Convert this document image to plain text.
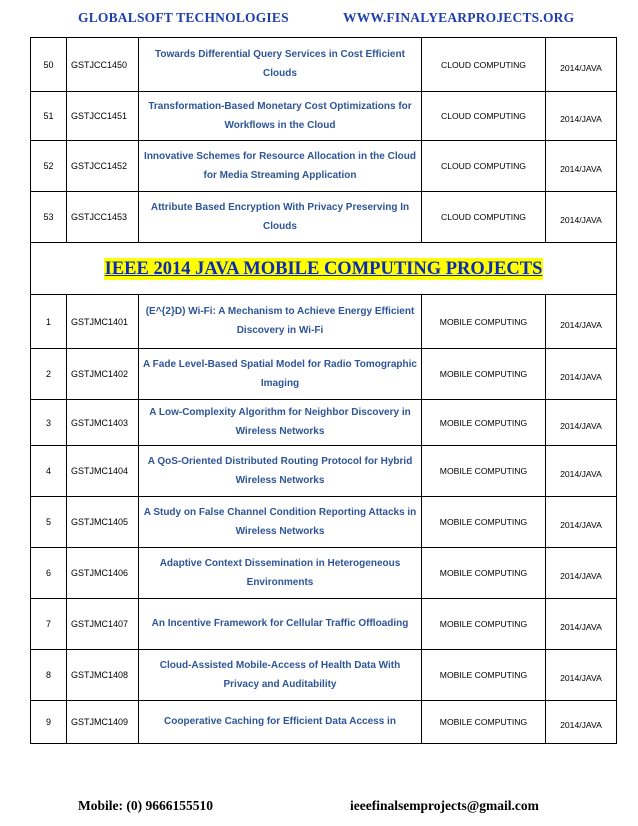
GLOBALSOFT TECHNOLOGIES	WWW.FINALYEARPROJECTS.ORG
50	GSTJCC1450	Towards Differential Query Services in Cost Efficient Clouds	CLOUD COMPUTING	2014/JAVA
51	GSTJCC1451	Transformation-Based Monetary Cost Optimizations for Workflows in the Cloud	CLOUD COMPUTING	2014/JAVA
52	GSTJCC1452	Innovative Schemes for Resource Allocation in the Cloud for Media Streaming Application	CLOUD COMPUTING	2014/JAVA
53	GSTJCC1453	Attribute Based Encryption With Privacy Preserving In Clouds	CLOUD COMPUTING	2014/JAVA
IEEE 2014 JAVA MOBILE COMPUTING PROJECTS				
1	GSTJMC1401	(E^{2}D) Wi-Fi: A Mechanism to Achieve Energy Efficient Discovery in Wi-Fi	MOBILE COMPUTING	2014/JAVA
2	GSTJMC1402	A Fade Level-Based Spatial Model for Radio Tomographic Imaging	MOBILE COMPUTING	2014/JAVA
3	GSTJMC1403	A Low-Complexity Algorithm for Neighbor Discovery in Wireless Networks	MOBILE COMPUTING	2014/JAVA
4	GSTJMC1404	A QoS-Oriented Distributed Routing Protocol for Hybrid Wireless Networks	MOBILE COMPUTING	2014/JAVA
5	GSTJMC1405	A Study on False Channel Condition Reporting Attacks in Wireless Networks	MOBILE COMPUTING	2014/JAVA
6	GSTJMC1406	Adaptive Context Dissemination in Heterogeneous Environments	MOBILE COMPUTING	2014/JAVA
7	GSTJMC1407	An Incentive Framework for Cellular Traffic Offloading	MOBILE COMPUTING	2014/JAVA
8	GSTJMC1408	Cloud-Assisted Mobile-Access of Health Data With Privacy and Auditability	MOBILE COMPUTING	2014/JAVA
9	GSTJMC1409	Cooperative Caching for Efficient Data Access in	MOBILE COMPUTING	2014/JAVA
Mobile: (0) 9666155510	ieeefinalsemprojects@gmail.com
